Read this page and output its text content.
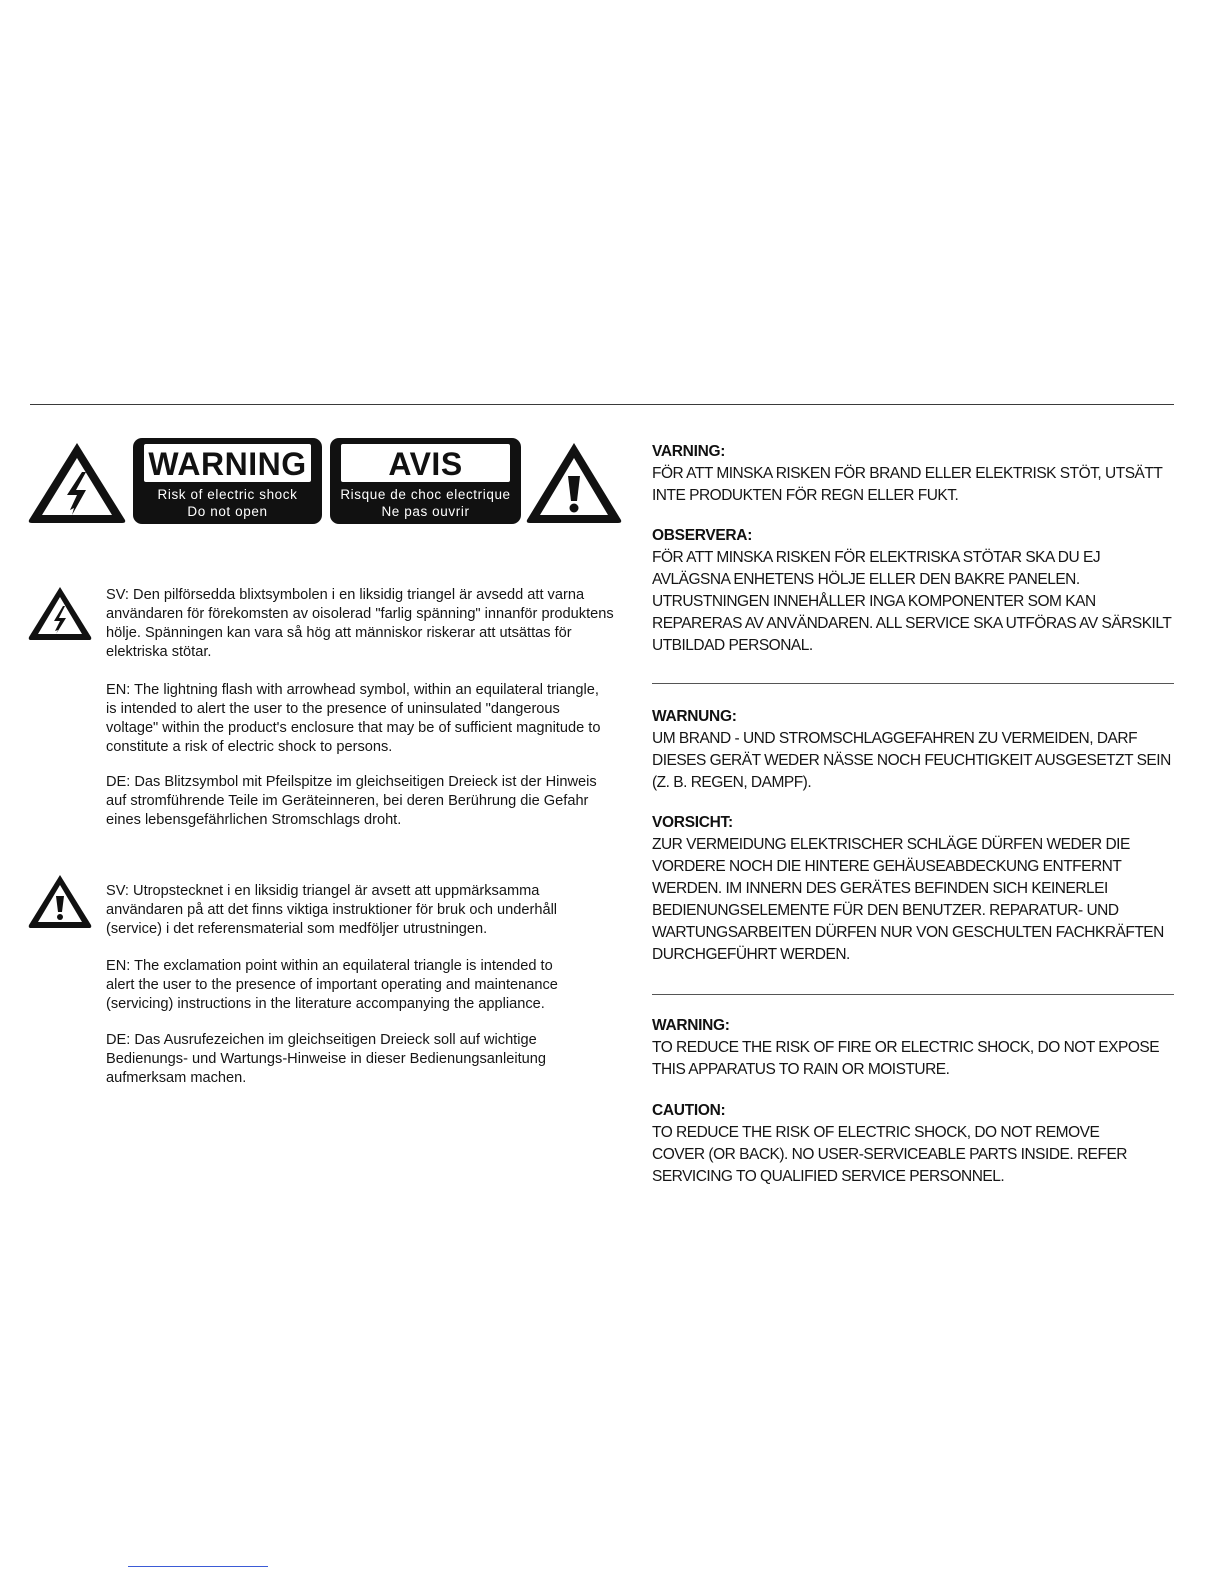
WARNING
Risk of electric shock
Do not open
AVIS
Risque de choc electrique
Ne pas ouvrir

SV: Den pilförsedda blixtsymbolen i en liksidig triangel är avsedd att varna användaren för förekomsten av oisolerad "farlig spänning" innanför produktens hölje. Spänningen kan vara så hög att människor riskerar att utsättas för elektriska stötar.

EN: The lightning flash with arrowhead symbol, within an equilateral triangle, is intended to alert the user to the presence of uninsulated "dangerous voltage" within the product's enclosure that may be of sufficient magnitude to constitute a risk of electric shock to persons.

DE: Das Blitzsymbol mit Pfeilspitze im gleichseitigen Dreieck ist der Hinweis auf stromführende Teile im Geräteinneren, bei deren Berührung die Gefahr eines lebensgefährlichen Stromschlags droht.

SV: Utropstecknet i en liksidig triangel är avsett att uppmärksamma användaren på att det finns viktiga instruktioner för bruk och underhåll (service) i det referensmaterial som medföljer utrustningen.

EN: The exclamation point within an equilateral triangle is intended to alert the user to the presence of important operating and maintenance (servicing) instructions in the literature accompanying the appliance.

DE: Das Ausrufezeichen im gleichseitigen Dreieck soll auf wichtige Bedienungs- und Wartungs-Hinweise in dieser Bedienungsanleitung aufmerksam machen.

VARNING:
FÖR ATT MINSKA RISKEN FÖR BRAND ELLER ELEKTRISK STÖT, UTSÄTT INTE PRODUKTEN FÖR REGN ELLER FUKT.
OBSERVERA:
FÖR ATT MINSKA RISKEN FÖR ELEKTRISKA STÖTAR SKA DU EJ AVLÄGSNA ENHETENS HÖLJE ELLER DEN BAKRE PANELEN. UTRUSTNINGEN INNEHÅLLER INGA KOMPONENTER SOM KAN REPARERAS AV ANVÄNDAREN. ALL SERVICE SKA UTFÖRAS AV SÄRSKILT UTBILDAD PERSONAL.
WARNUNG:
UM BRAND - UND STROMSCHLAGGEFAHREN ZU VERMEIDEN, DARF DIESES GERÄT WEDER NÄSSE NOCH FEUCHTIGKEIT AUSGESETZT SEIN (Z. B. REGEN, DAMPF).
VORSICHT:
ZUR VERMEIDUNG ELEKTRISCHER SCHLÄGE DÜRFEN WEDER DIE VORDERE NOCH DIE HINTERE GEHÄUSEABDECKUNG ENTFERNT WERDEN. IM INNERN DES GERÄTES BEFINDEN SICH KEINERLEI BEDIENUNGSELEMENTE FÜR DEN BENUTZER. REPARATUR- UND WARTUNGSARBEITEN DÜRFEN NUR VON GESCHULTEN FACHKRÄFTEN DURCHGEFÜHRT WERDEN.
WARNING:
TO REDUCE THE RISK OF FIRE OR ELECTRIC SHOCK, DO NOT EXPOSE THIS APPARATUS TO RAIN OR MOISTURE.
CAUTION:
TO REDUCE THE RISK OF ELECTRIC SHOCK, DO NOT REMOVE COVER (OR BACK). NO USER-SERVICEABLE PARTS INSIDE. REFER SERVICING TO QUALIFIED SERVICE PERSONNEL.
